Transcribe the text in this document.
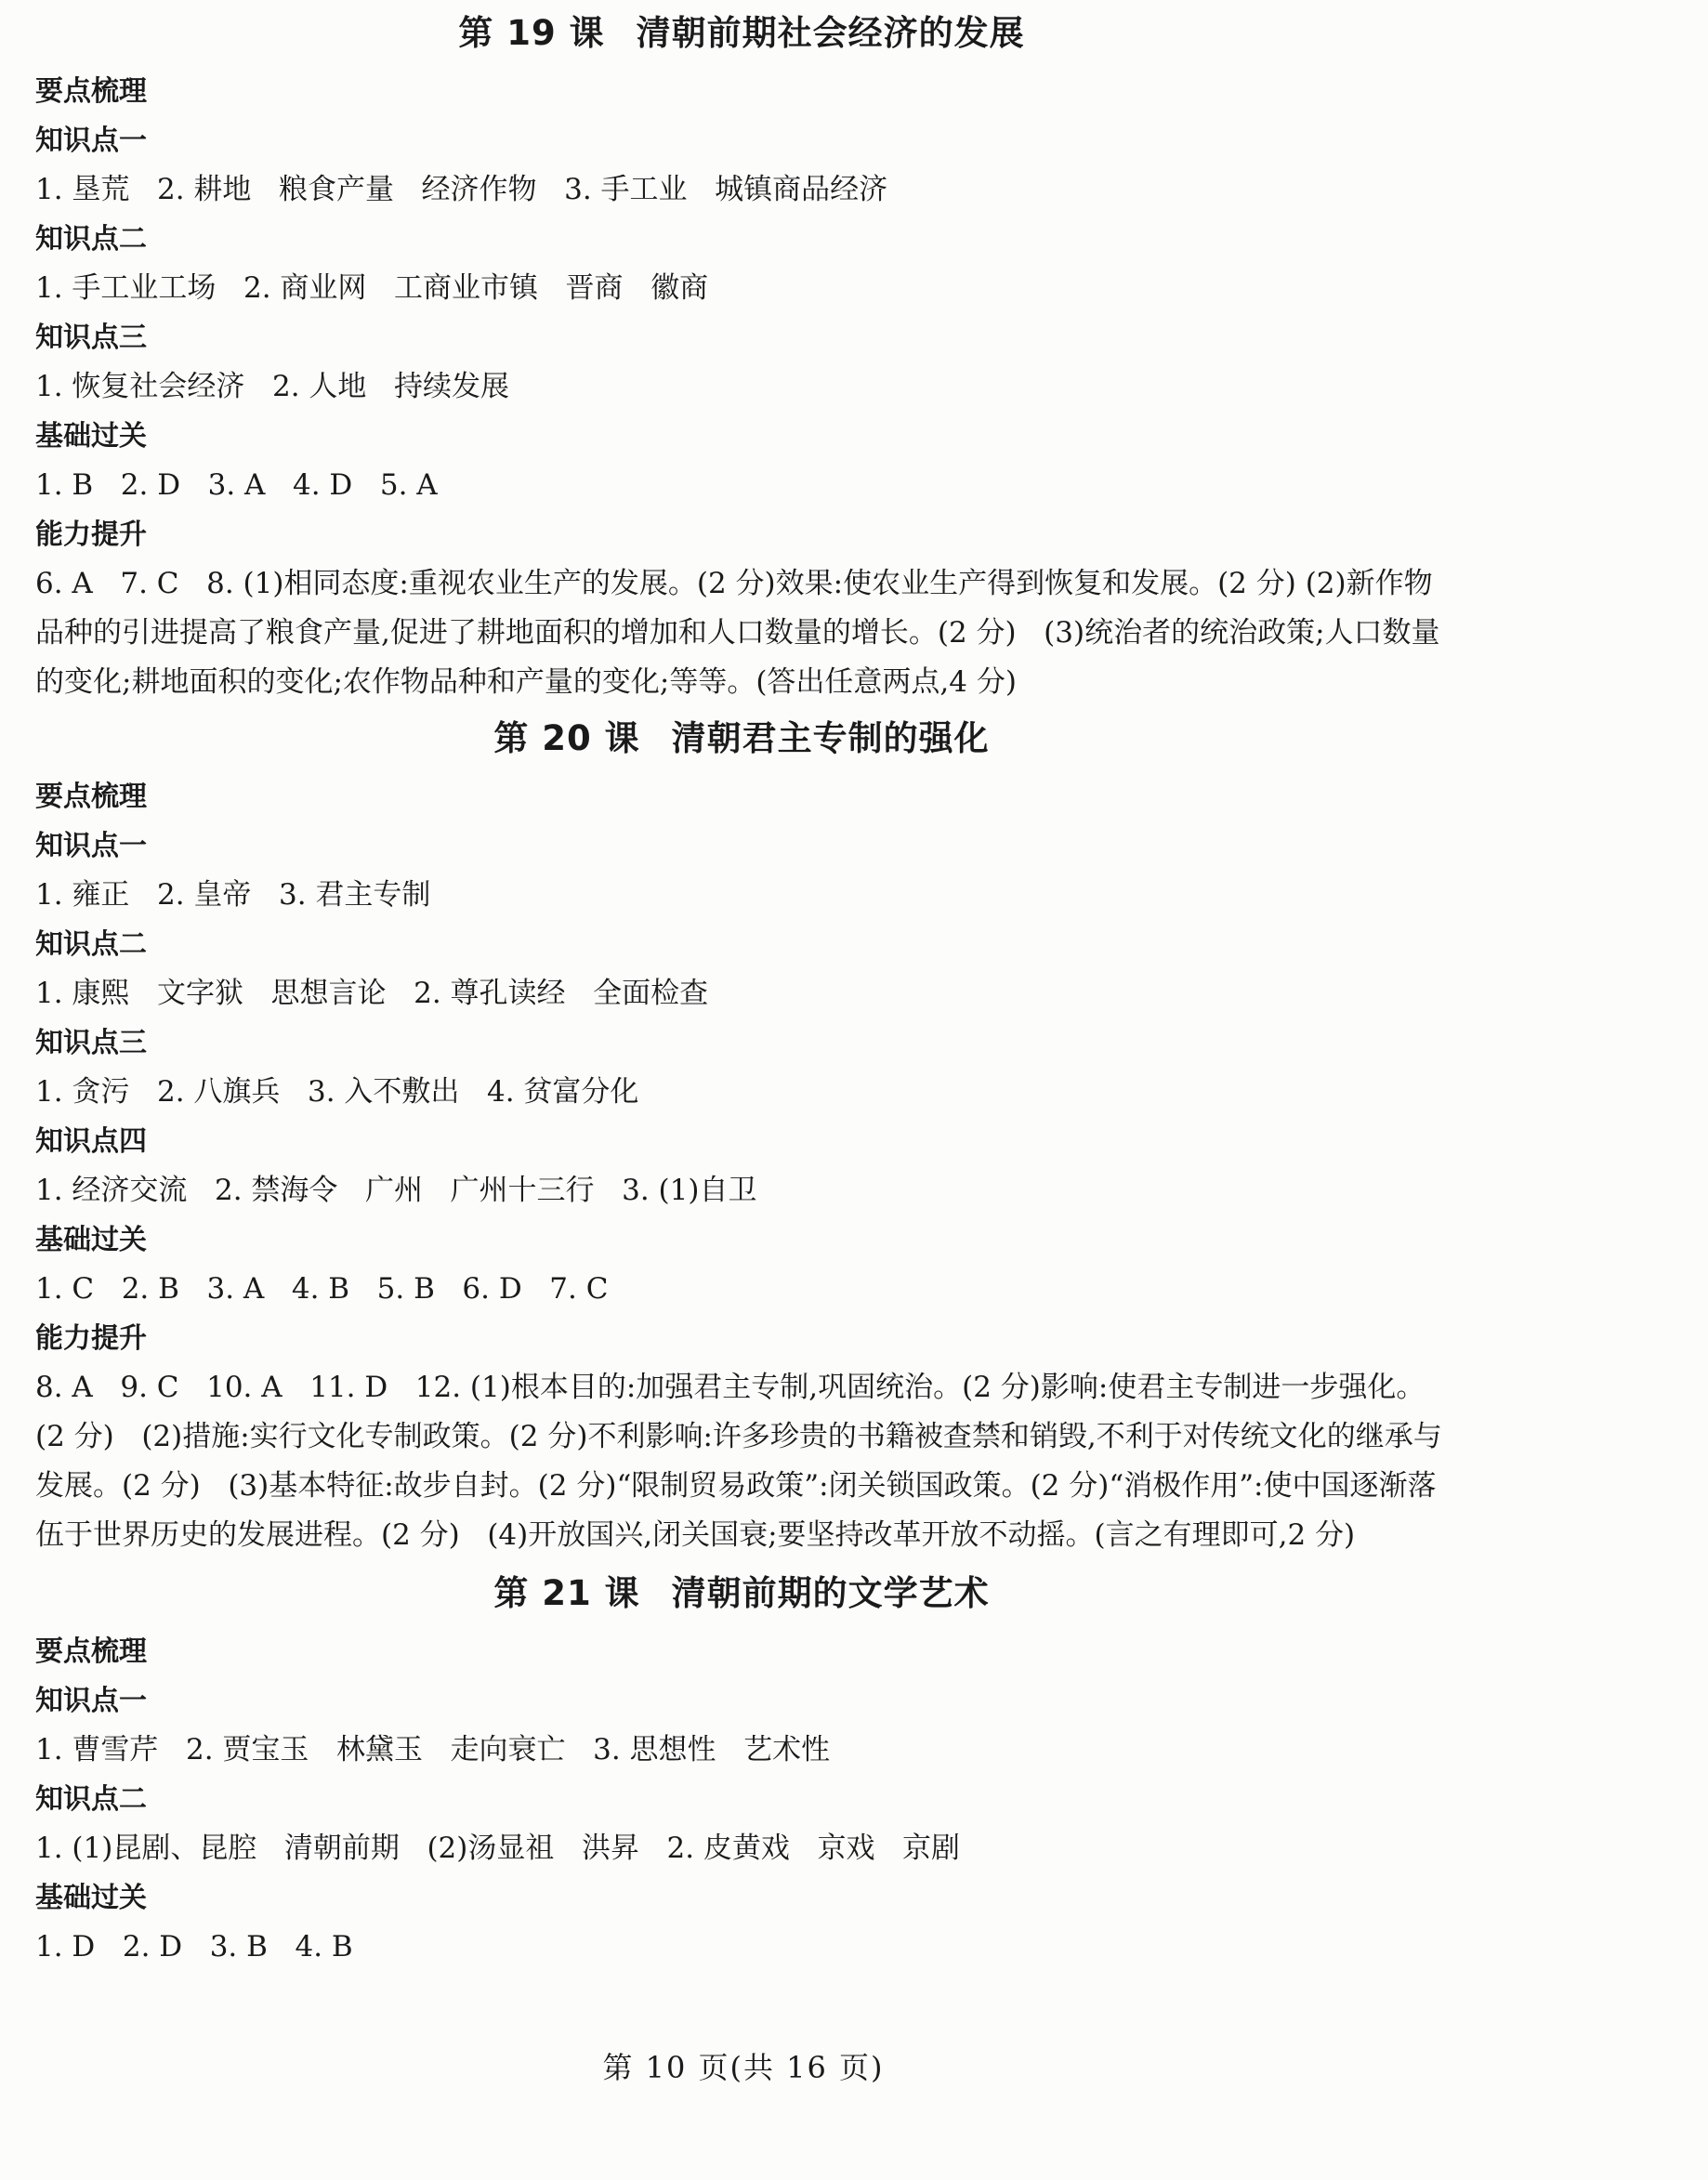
第 19 课 清朝前期社会经济的发展
要点梳理
知识点一
1. 垦荒   2. 耕地   粮食产量   经济作物   3. 手工业   城镇商品经济
知识点二
1. 手工业工场   2. 商业网   工商业市镇   晋商   徽商
知识点三
1. 恢复社会经济   2. 人地   持续发展
基础过关
1. B   2. D   3. A   4. D   5. A
能力提升
6. A   7. C   8. (1)相同态度:重视农业生产的发展。(2 分)效果:使农业生产得到恢复和发展。(2 分) (2)新作物品种的引进提高了粮食产量,促进了耕地面积的增加和人口数量的增长。(2 分)   (3)统治者的统治政策;人口数量的变化;耕地面积的变化;农作物品种和产量的变化;等等。(答出任意两点,4 分)
第 20 课 清朝君主专制的强化
要点梳理
知识点一
1. 雍正   2. 皇帝   3. 君主专制
知识点二
1. 康熙   文字狱   思想言论   2. 尊孔读经   全面检查
知识点三
1. 贪污   2. 八旗兵   3. 入不敷出   4. 贫富分化
知识点四
1. 经济交流   2. 禁海令   广州   广州十三行   3. (1)自卫
基础过关
1. C   2. B   3. A   4. B   5. B   6. D   7. C
能力提升
8. A   9. C   10. A   11. D   12. (1)根本目的:加强君主专制,巩固统治。(2 分)影响:使君主专制进一步强化。(2 分)   (2)措施:实行文化专制政策。(2 分)不利影响:许多珍贵的书籍被查禁和销毁,不利于对传统文化的继承与发展。(2 分)   (3)基本特征:故步自封。(2 分)“限制贸易政策”:闭关锁国政策。(2 分)“消极作用”:使中国逐渐落伍于世界历史的发展进程。(2 分)   (4)开放国兴,闭关国衰;要坚持改革开放不动摇。(言之有理即可,2 分)
第 21 课 清朝前期的文学艺术
要点梳理
知识点一
1. 曹雪芹   2. 贾宝玉   林黛玉   走向衰亡   3. 思想性   艺术性
知识点二
1. (1)昆剧、昆腔   清朝前期   (2)汤显祖   洪昇   2. 皮黄戏   京戏   京剧
基础过关
1. D   2. D   3. B   4. B
第 10 页(共 16 页)
